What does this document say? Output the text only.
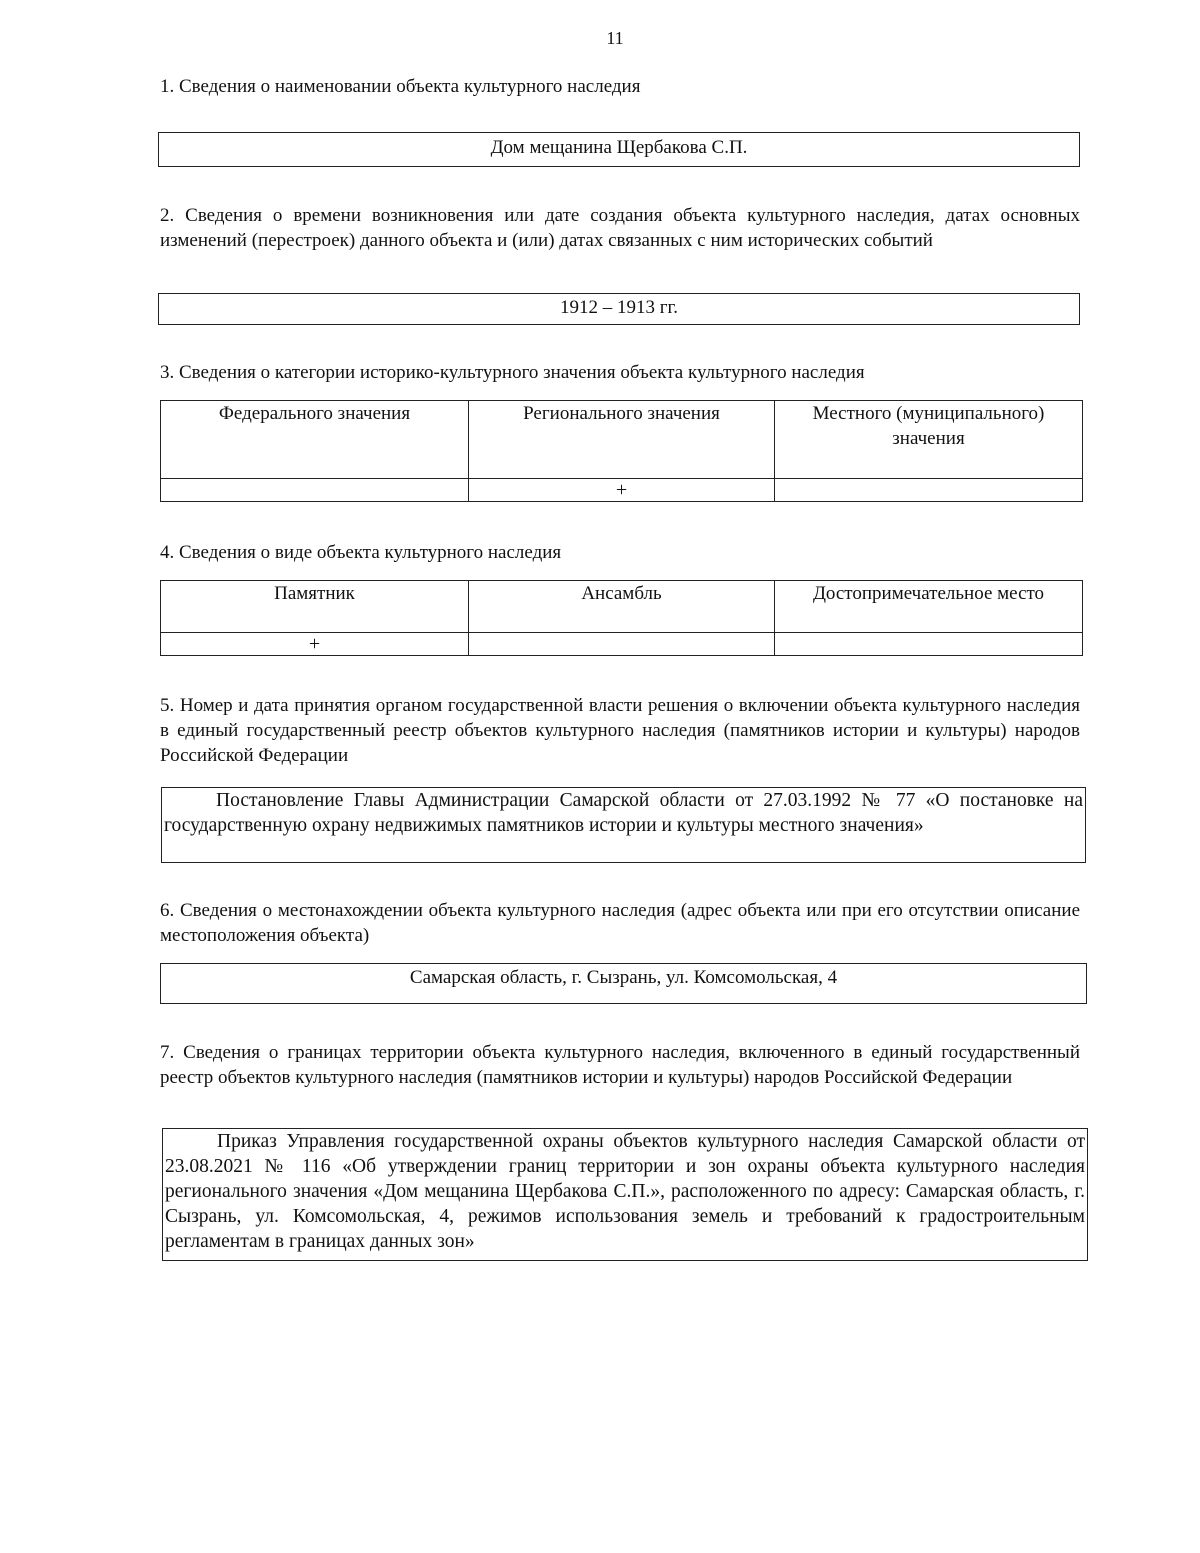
11
1. Сведения о наименовании объекта культурного наследия
Дом мещанина Щербакова С.П.
2. Сведения о времени возникновения или дате создания объекта культурного наследия, датах основных изменений (перестроек) данного объекта и (или) датах связанных с ним исторических событий
1912 – 1913 гг.
3. Сведения о категории историко-культурного значения объекта культурного наследия
Федерального значения	Регионального значения	Местного (муниципального) значения
	+	
4. Сведения о виде объекта культурного наследия
Памятник	Ансамбль	Достопримечательное место
+		
5. Номер и дата принятия органом государственной власти решения о включении объекта культурного наследия в единый государственный реестр объектов культурного наследия (памятников истории и культуры) народов Российской Федерации

Постановление Главы Администрации Самарской области от 27.03.1992 № 77 «О постановке на государственную охрану недвижимых памятников истории и культуры местного значения»

6. Сведения о местонахождении объекта культурного наследия (адрес объекта или при его отсутствии описание местоположения объекта)
Самарская область, г. Сызрань, ул. Комсомольская, 4
7. Сведения о границах территории объекта культурного наследия, включенного в единый государственный реестр объектов культурного наследия (памятников истории и культуры) народов Российской Федерации

Приказ Управления государственной охраны объектов культурного наследия Самарской области от 23.08.2021 № 116 «Об утверждении границ территории и зон охраны объекта культурного наследия регионального значения «Дом мещанина Щербакова С.П.», расположенного по адресу: Самарская область, г. Сызрань, ул. Комсомольская, 4, режимов использования земель и требований к градостроительным регламентам в границах данных зон»
